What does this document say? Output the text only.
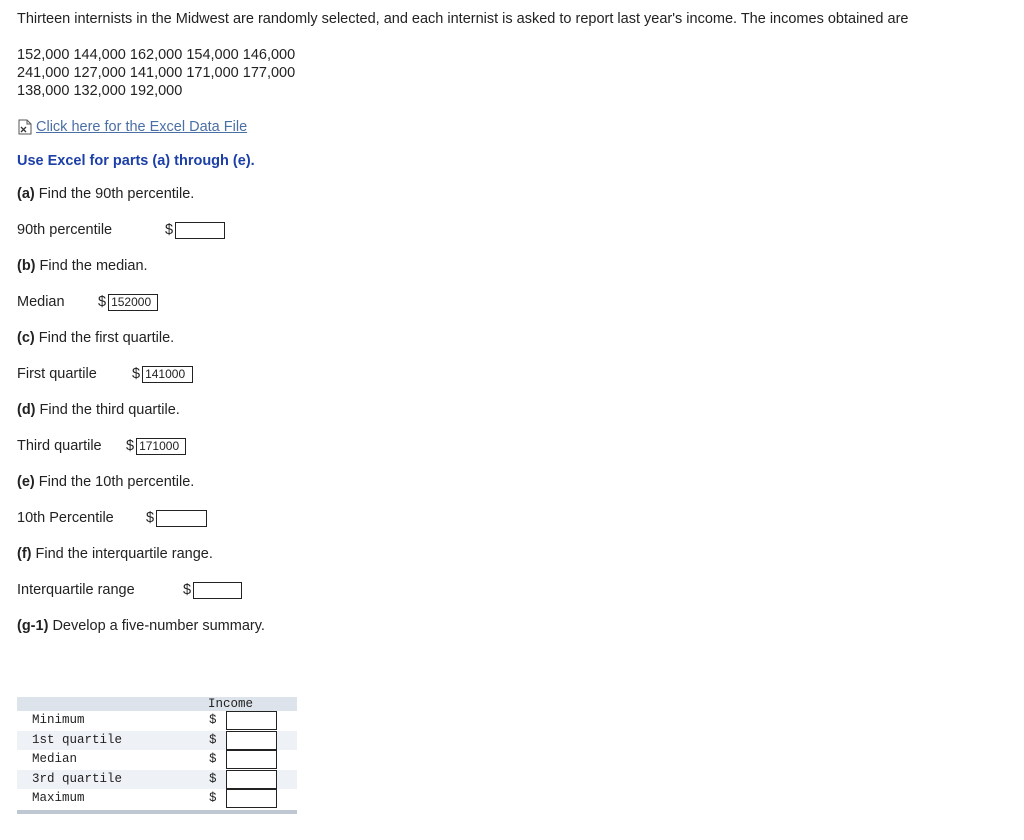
Thirteen internists in the Midwest are randomly selected, and each internist is asked to report last year's income. The incomes obtained are

152,000 144,000 162,000 154,000 146,000
241,000 127,000 141,000 171,000 177,000
138,000 132,000 192,000
Click here for the Excel Data File

Use Excel for parts (a) through (e).

(a) Find the 90th percentile.

90th percentile	$

(b) Find the median.

Median	$ 152000

(c) Find the first quartile.

First quartile	$ 141000

(d) Find the third quartile.

Third quartile	$ 171000

(e) Find the 10th percentile.

10th Percentile	$

(f) Find the interquartile range.

Interquartile range	$

(g-1) Develop a five-number summary.

Income
Minimum	$
1st quartile	$
Median	$
3rd quartile	$
Maximum	$
